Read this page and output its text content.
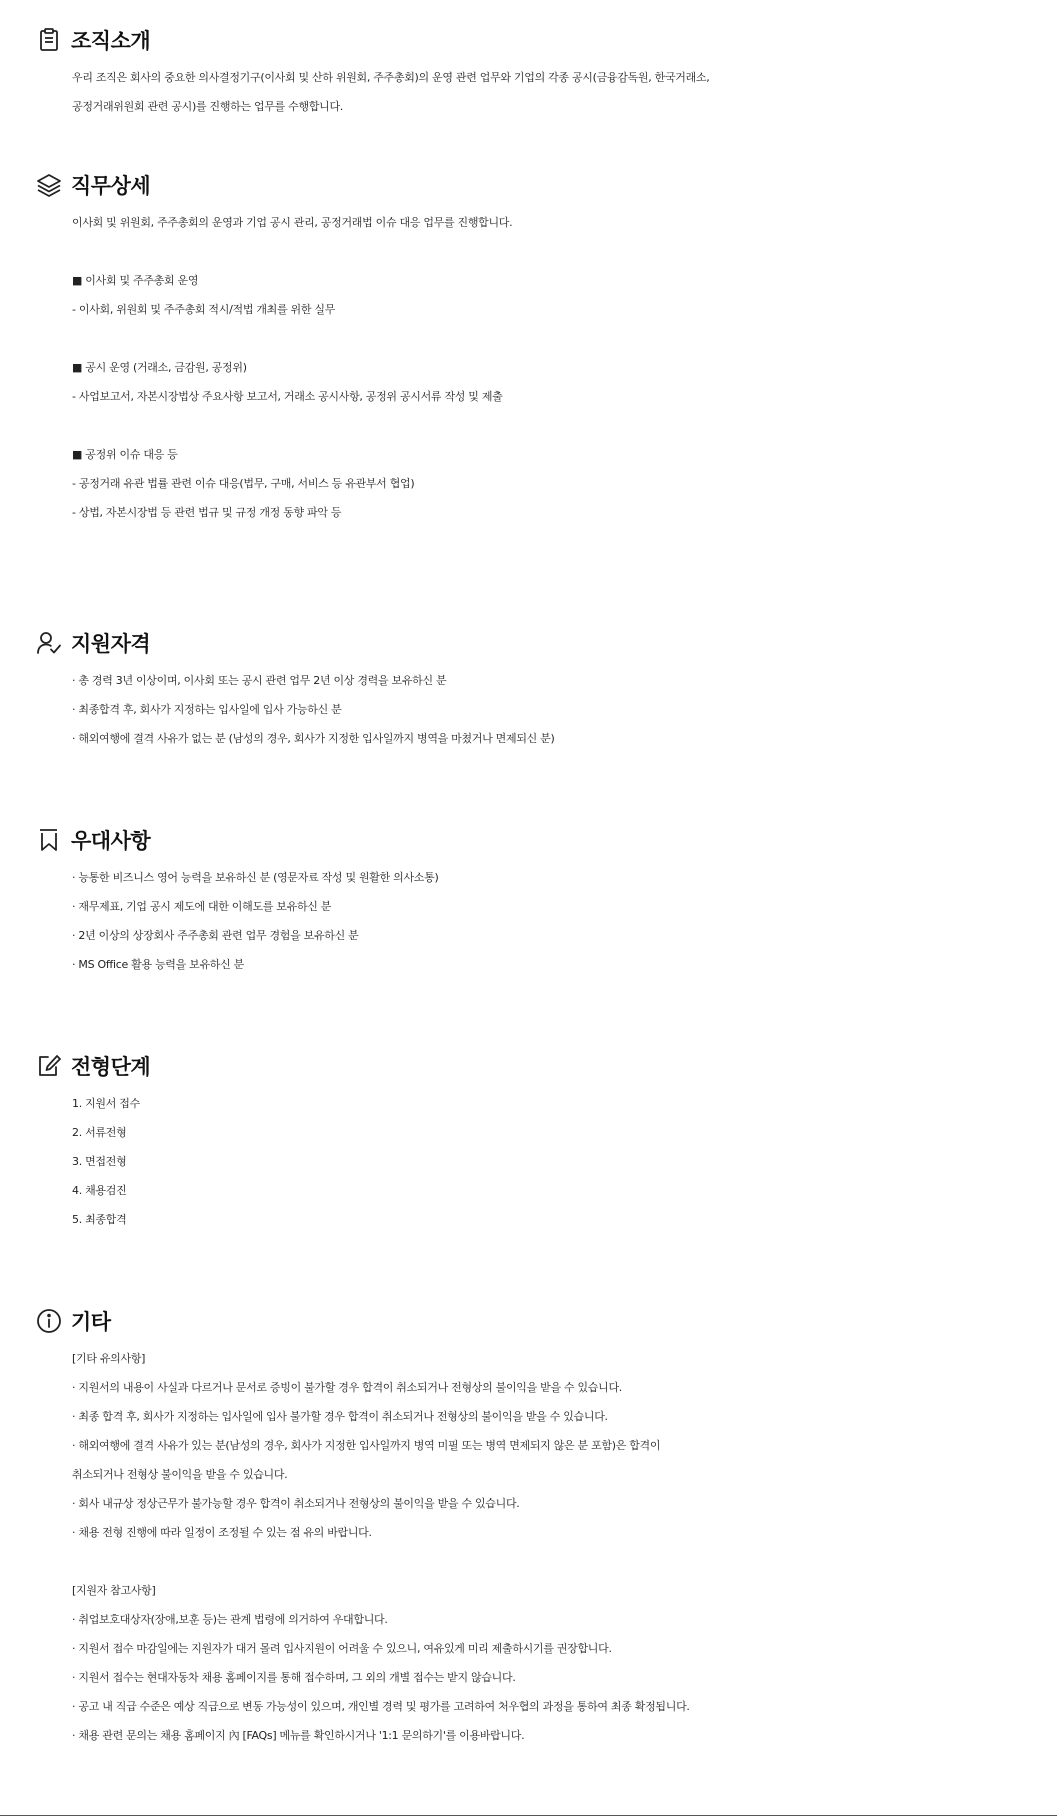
조직소개
우리 조직은 회사의 중요한 의사결정기구(이사회 및 산하 위원회, 주주총회)의 운영 관련 업무와 기업의 각종 공시(금융감독원, 한국거래소,
공정거래위원회 관련 공시)를 진행하는 업무를 수행합니다.
직무상세
이사회 및 위원회, 주주총회의 운영과 기업 공시 관리, 공정거래법 이슈 대응 업무를 진행합니다.
■ 이사회 및 주주총회 운영
- 이사회, 위원회 및 주주총회 적시/적법 개최를 위한 실무
■ 공시 운영 (거래소, 금감원, 공정위)
- 사업보고서, 자본시장법상 주요사항 보고서, 거래소 공시사항, 공정위 공시서류 작성 및 제출
■ 공정위 이슈 대응 등
- 공정거래 유관 법률 관련 이슈 대응(법무, 구매, 서비스 등 유관부서 협업)
- 상법, 자본시장법 등 관련 법규 및 규정 개정 동향 파악 등
지원자격
· 총 경력 3년 이상이며, 이사회 또는 공시 관련 업무 2년 이상 경력을 보유하신 분
· 최종합격 후, 회사가 지정하는 입사일에 입사 가능하신 분
· 해외여행에 결격 사유가 없는 분 (남성의 경우, 회사가 지정한 입사일까지 병역을 마쳤거나 면제되신 분)
우대사항
· 능통한 비즈니스 영어 능력을 보유하신 분 (영문자료 작성 및 원활한 의사소통)
· 재무제표, 기업 공시 제도에 대한 이해도를 보유하신 분
· 2년 이상의 상장회사 주주총회 관련 업무 경험을 보유하신 분
· MS Office 활용 능력을 보유하신 분
전형단계
1. 지원서 접수
2. 서류전형
3. 면접전형
4. 채용검진
5. 최종합격
기타
[기타 유의사항]
· 지원서의 내용이 사실과 다르거나 문서로 증빙이 불가할 경우 합격이 취소되거나 전형상의 불이익을 받을 수 있습니다.
· 최종 합격 후, 회사가 지정하는 입사일에 입사 불가할 경우 합격이 취소되거나 전형상의 불이익을 받을 수 있습니다.
· 해외여행에 결격 사유가 있는 분(남성의 경우, 회사가 지정한 입사일까지 병역 미필 또는 병역 면제되지 않은 분 포함)은 합격이
취소되거나 전형상 불이익을 받을 수 있습니다.
· 회사 내규상 정상근무가 불가능할 경우 합격이 취소되거나 전형상의 불이익을 받을 수 있습니다.
· 채용 전형 진행에 따라 일정이 조정될 수 있는 점 유의 바랍니다.
[지원자 참고사항]
· 취업보호대상자(장애,보훈 등)는 관계 법령에 의거하여 우대합니다.
· 지원서 접수 마감일에는 지원자가 대거 몰려 입사지원이 어려울 수 있으니, 여유있게 미리 제출하시기를 권장합니다.
· 지원서 접수는 현대자동차 채용 홈페이지를 통해 접수하며, 그 외의 개별 접수는 받지 않습니다.
· 공고 내 직급 수준은 예상 직급으로 변동 가능성이 있으며, 개인별 경력 및 평가를 고려하여 처우협의 과정을 통하여 최종 확정됩니다.
· 채용 관련 문의는 채용 홈페이지 內 [FAQs] 메뉴를 확인하시거나 '1:1 문의하기'를 이용바랍니다.
